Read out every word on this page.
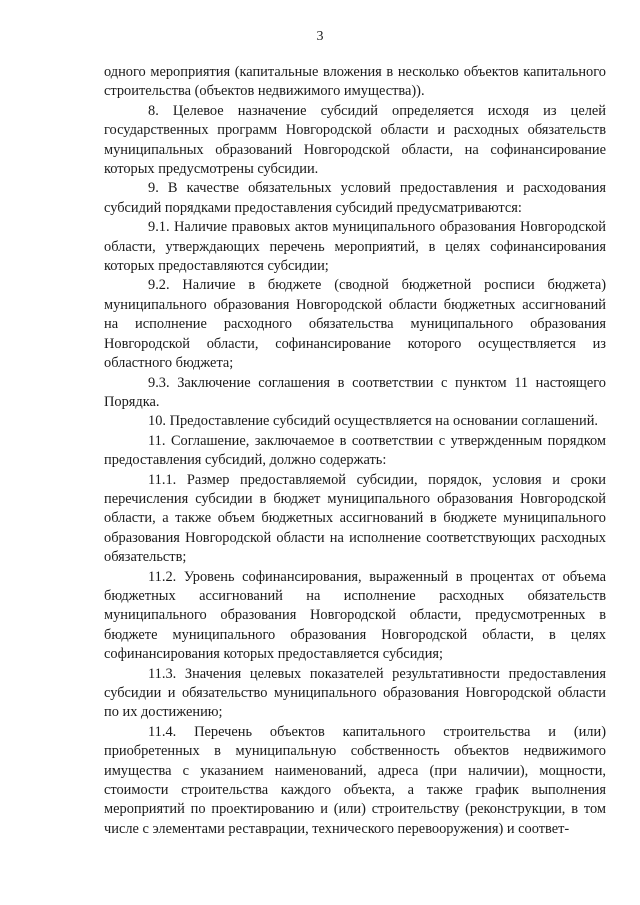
3

одного мероприятия (капитальные вложения в несколько объектов капитального строительства (объектов недвижимого имущества)).

8. Целевое назначение субсидий определяется исходя из целей государственных программ Новгородской области и расходных обязательств муниципальных образований Новгородской области, на софинансирование которых предусмотрены субсидии.

9. В качестве обязательных условий предоставления и расходования субсидий порядками предоставления субсидий предусматриваются:

9.1. Наличие правовых актов муниципального образования Новгородской области, утверждающих перечень мероприятий, в целях софинансирования которых предоставляются субсидии;

9.2. Наличие в бюджете (сводной бюджетной росписи бюджета) муниципального образования Новгородской области бюджетных ассигнований на исполнение расходного обязательства муниципального образования Новгородской области, софинансирование которого осуществляется из областного бюджета;

9.3. Заключение соглашения в соответствии с пунктом 11 настоящего Порядка.

10. Предоставление субсидий осуществляется на основании соглашений.

11. Соглашение, заключаемое в соответствии с утвержденным порядком предоставления субсидий, должно содержать:

11.1. Размер предоставляемой субсидии, порядок, условия и сроки перечисления субсидии в бюджет муниципального образования Новгородской области, а также объем бюджетных ассигнований в бюджете муниципального образования Новгородской области на исполнение соответствующих расходных обязательств;

11.2. Уровень софинансирования, выраженный в процентах от объема бюджетных ассигнований на исполнение расходных обязательств муниципального образования Новгородской области, предусмотренных в бюджете муниципального образования Новгородской области, в целях софинансирования которых предоставляется субсидия;

11.3. Значения целевых показателей результативности предоставления субсидии и обязательство муниципального образования Новгородской области по их достижению;

11.4. Перечень объектов капитального строительства и (или) приобретенных в муниципальную собственность объектов недвижимого имущества с указанием наименований, адреса (при наличии), мощности, стоимости строительства каждого объекта, а также график выполнения мероприятий по проектированию и (или) строительству (реконструкции, в том числе с элементами реставрации, технического перевооружения) и соответ-
